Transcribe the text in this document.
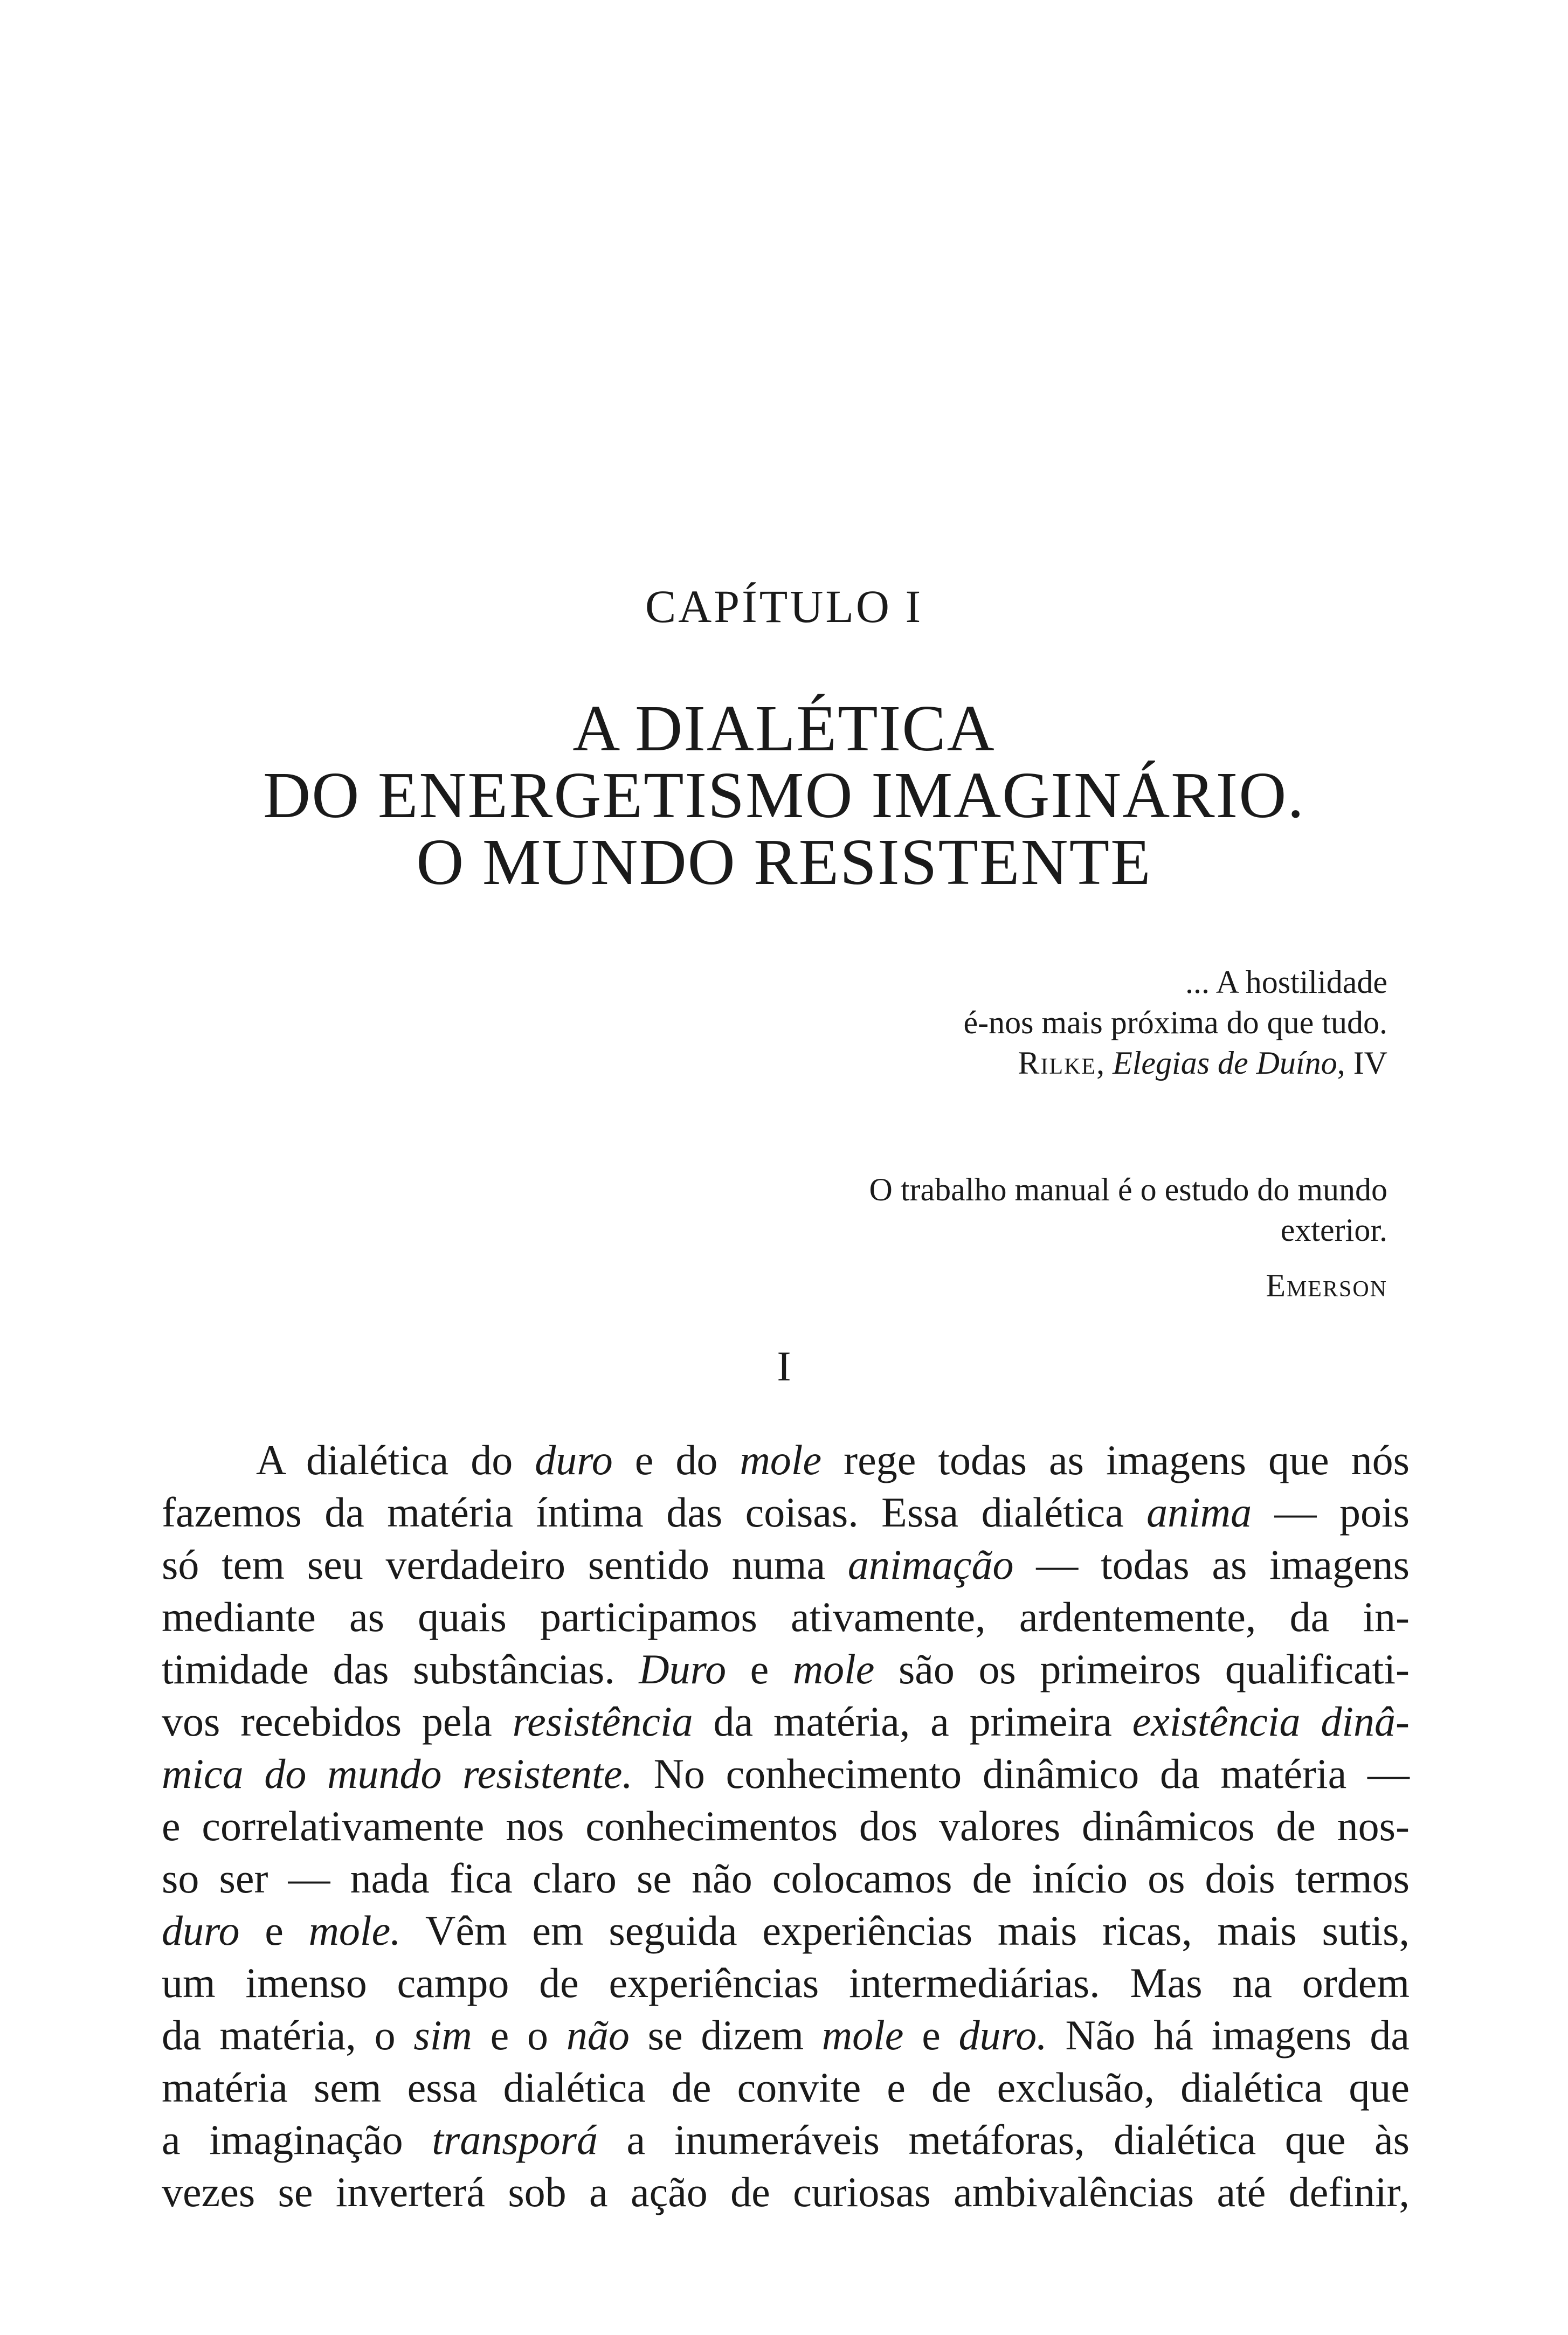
CAPÍTULO I
A DIALÉTICA
DO ENERGETISMO IMAGINÁRIO.
O MUNDO RESISTENTE
... A hostilidade
é-nos mais próxima do que tudo.
Rilke, Elegias de Duíno, IV
O trabalho manual é o estudo do mundo
exterior.
Emerson
I
A dialética do duro e do mole rege todas as imagens que nós
fazemos da matéria íntima das coisas. Essa dialética anima — pois
só tem seu verdadeiro sentido numa animação — todas as imagens
mediante as quais participamos ativamente, ardentemente, da in-
timidade das substâncias. Duro e mole são os primeiros qualificati-
vos recebidos pela resistência da matéria, a primeira existência dinâ-
mica do mundo resistente. No conhecimento dinâmico da matéria —
e correlativamente nos conhecimentos dos valores dinâmicos de nos-
so ser — nada fica claro se não colocamos de início os dois termos
duro e mole. Vêm em seguida experiências mais ricas, mais sutis,
um imenso campo de experiências intermediárias. Mas na ordem
da matéria, o sim e o não se dizem mole e duro. Não há imagens da
matéria sem essa dialética de convite e de exclusão, dialética que
a imaginação transporá a inumeráveis metáforas, dialética que às
vezes se inverterá sob a ação de curiosas ambivalências até definir,
